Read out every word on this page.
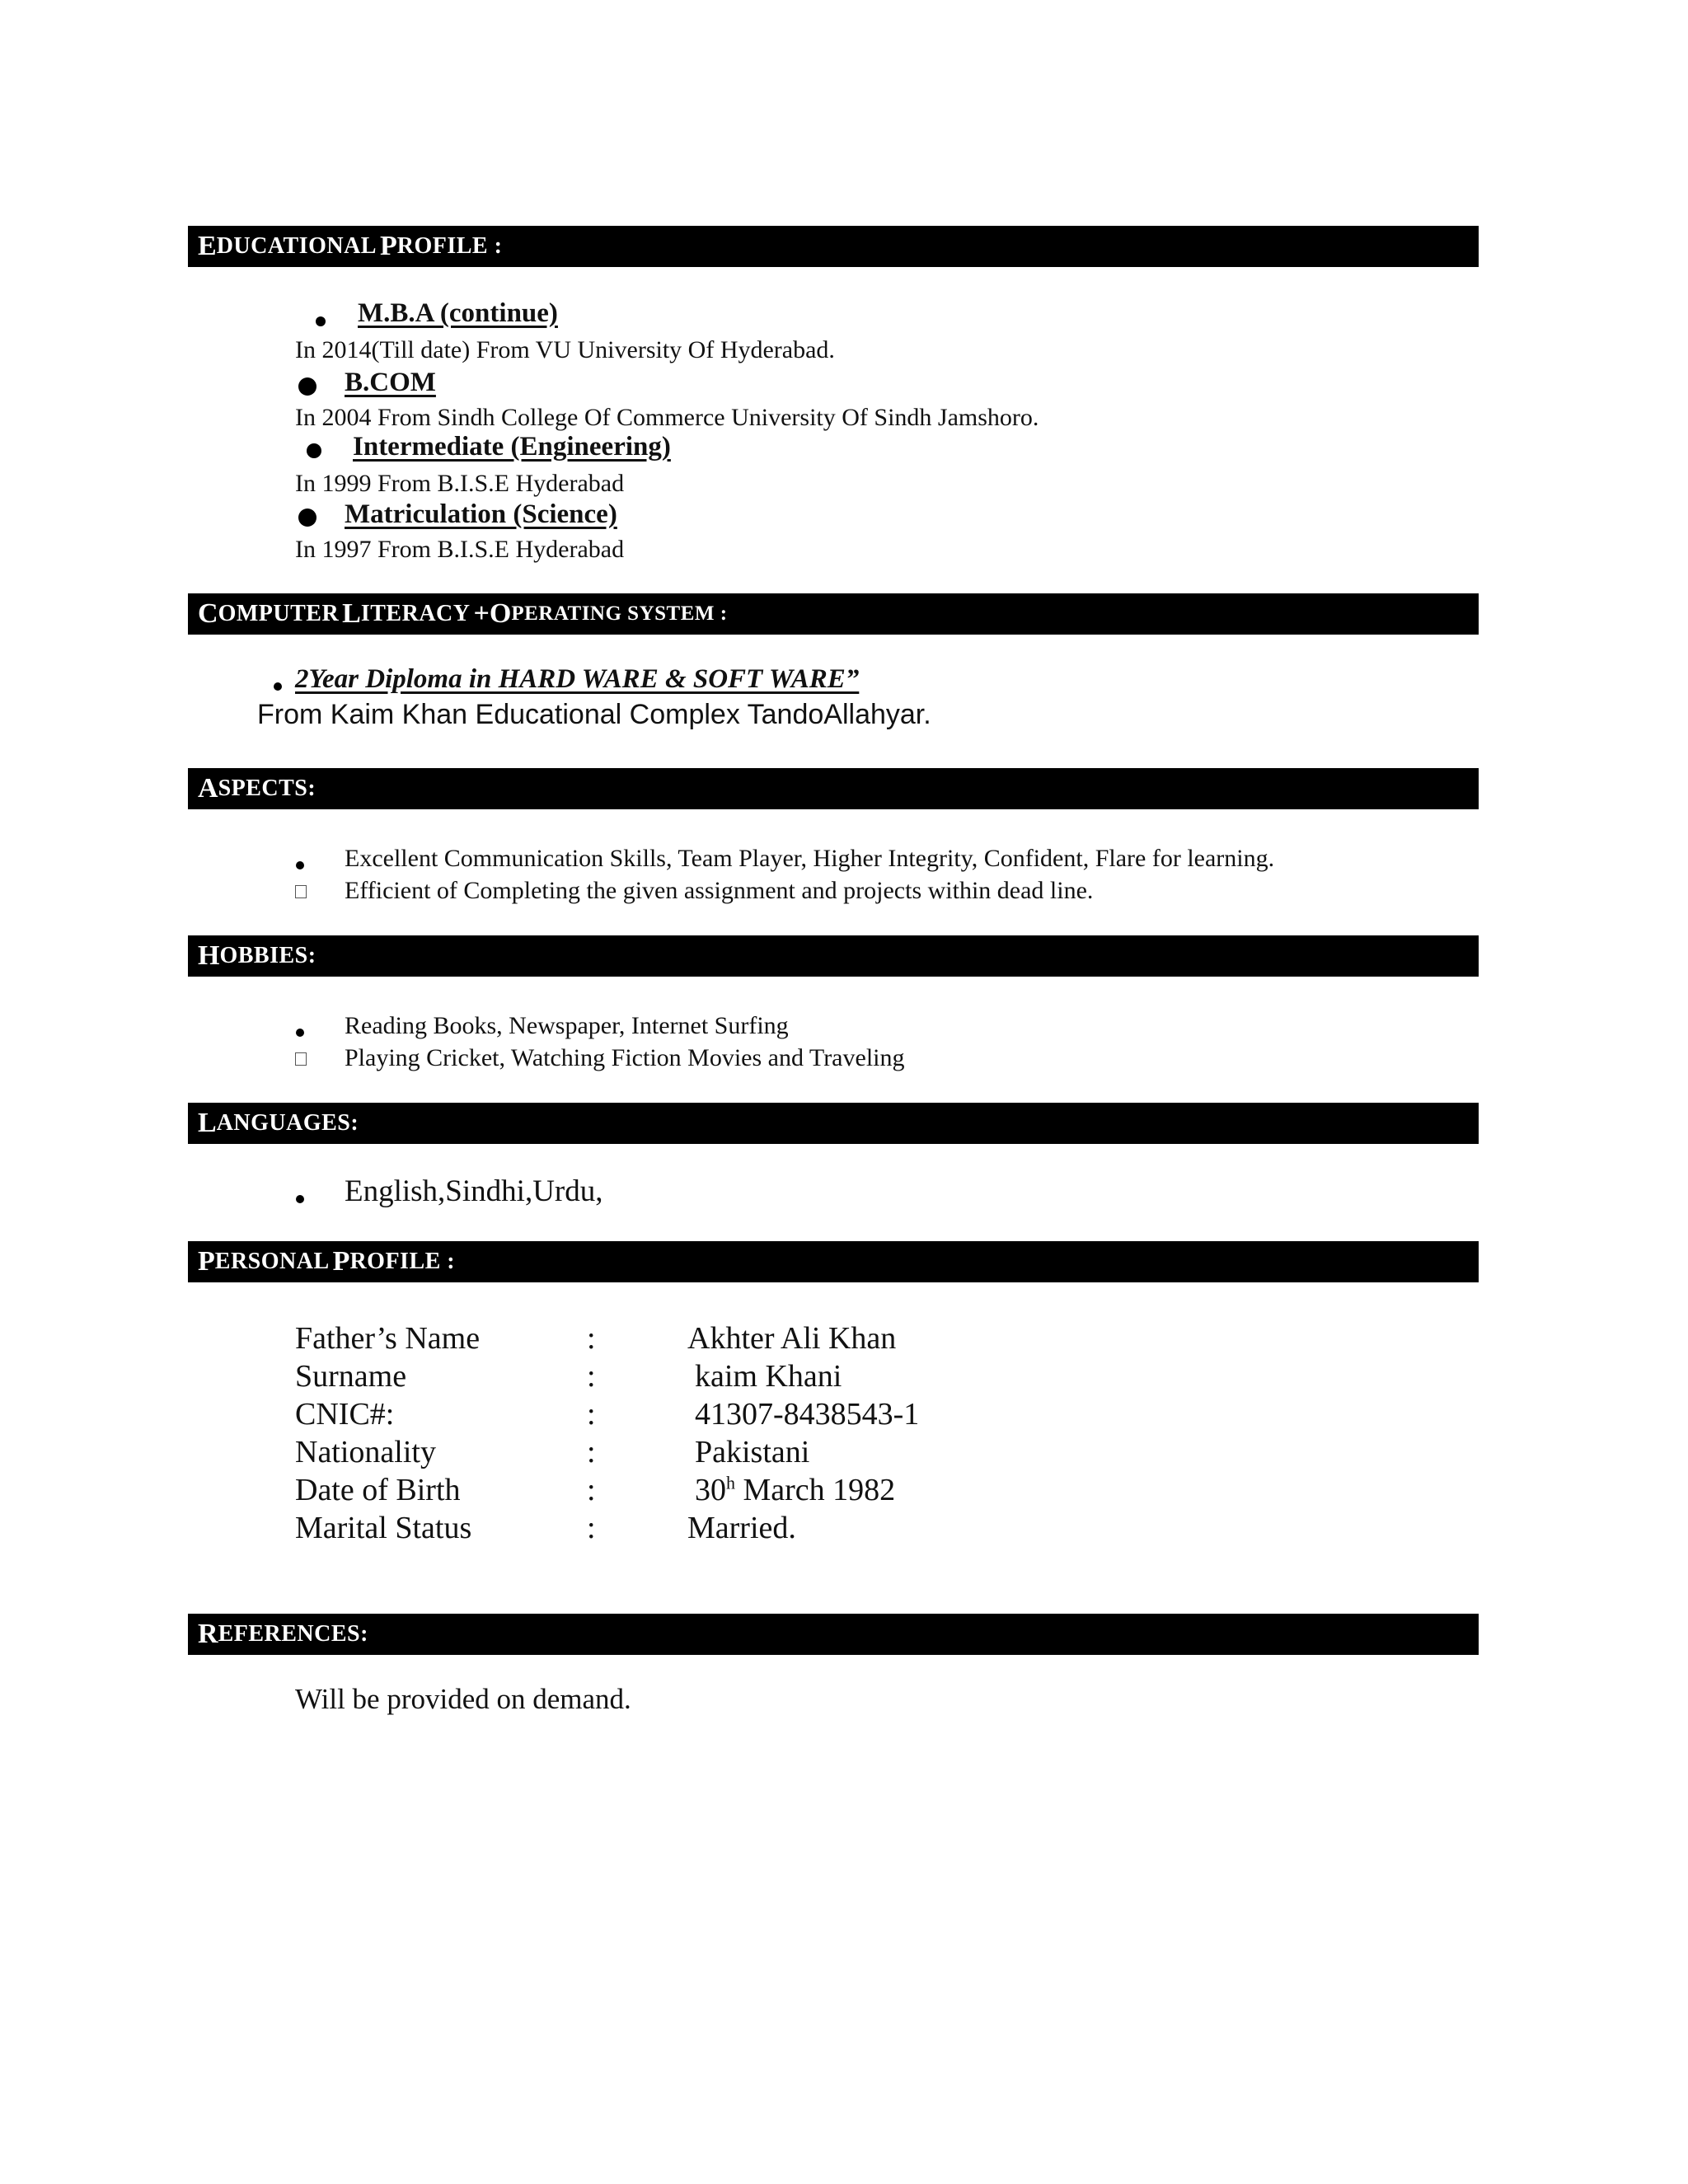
E DUCATIONAL
P ROFILE :
M.B.A (continue)
In 2014(Till date) From VU University Of Hyderabad.
B.COM
In 2004 From Sindh College Of Commerce University Of Sindh Jamshoro.
Intermediate (Engineering)
In 1999 From B.I.S.E Hyderabad
Matriculation (Science)
In 1997 From B.I.S.E Hyderabad
C OMPUTER
L ITERACY
+ O PERATING SYSTEM :
2Year Diploma in HARD WARE & SOFT WARE”
From Kaim Khan Educational Complex TandoAllahyar.
A SPECTS:
Excellent Communication Skills, Team Player, Higher Integrity, Confident, Flare for learning.
Efficient of Completing the given assignment and projects within dead line.
H OBBIES:
Reading Books, Newspaper, Internet Surfing
Playing Cricket, Watching Fiction Movies and Traveling
L ANGUAGES:
English,Sindhi,Urdu,
P ERSONAL
P ROFILE :
Father’s Name	:	Akhter Ali Khan
Surname	:	kaim Khani
CNIC#:	:	41307-8438543-1
Nationality	:	Pakistani
Date of Birth	:	30$^h$ March 1982
Marital Status	:	Married.
R EFERENCES:
Will be provided on demand.
